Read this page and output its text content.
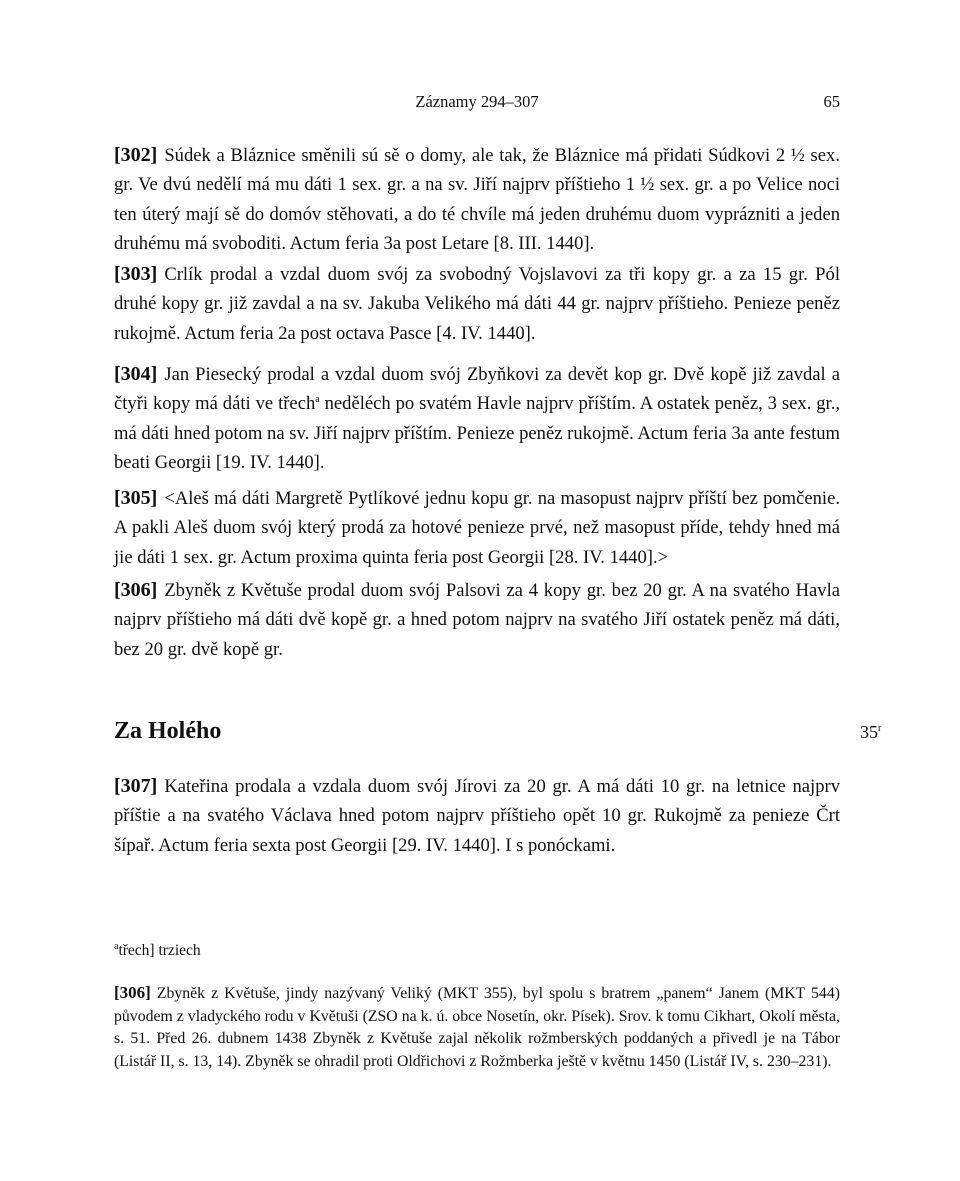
Záznamy 294–307	65

[302] Súdek a Bláznice směnili sú sě o domy, ale tak, že Bláznice má přidati Súdkovi 2 ½ sex. gr. Ve dvú nedělí má mu dáti 1 sex. gr. a na sv. Jiří najprv příštieho 1 ½ sex. gr. a po Velice noci ten úterý mají sě do domóv stěhovati, a do té chvíle má jeden druhému duom vyprázniti a jeden druhému má svoboditi. Actum feria 3a post Letare [8. III. 1440].

[303] Crlík prodal a vzdal duom svój za svobodný Vojslavovi za tři kopy gr. a za 15 gr. Pól druhé kopy gr. již zavdal a na sv. Jakuba Velikého má dáti 44 gr. najprv příštieho. Penieze peněz rukojmě. Actum feria 2a post octava Pasce [4. IV. 1440].

[304] Jan Piesecký prodal a vzdal duom svój Zbyňkovi za devět kop gr. Dvě kopě již zavdal a čtyři kopy má dáti ve třech$^a$ neděléch po svatém Havle najprv příštím. A ostatek peněz, 3 sex. gr., má dáti hned potom na sv. Jiří najprv příštím. Penieze peněz rukojmě. Actum feria 3a ante festum beati Georgii [19. IV. 1440].

[305] <Aleš má dáti Margretě Pytlíkové jednu kopu gr. na masopust najprv příští bez pomčenie. A pakli Aleš duom svój který prodá za hotové penieze prvé, než masopust příde, tehdy hned má jie dáti 1 sex. gr. Actum proxima quinta feria post Georgii [28. IV. 1440].>

[306] Zbyněk z Květuše prodal duom svój Palsovi za 4 kopy gr. bez 20 gr. A na svatého Havla najprv příštieho má dáti dvě kopě gr. a hned potom najprv na svatého Jiří ostatek peněz má dáti, bez 20 gr. dvě kopě gr.

Za Holého	35$^r$

[307] Kateřina prodala a vzdala duom svój Jírovi za 20 gr. A má dáti 10 gr. na letnice najprv příštie a na svatého Václava hned potom najprv příštieho opět 10 gr. Rukojmě za penieze Črt šípař. Actum feria sexta post Georgii [29. IV. 1440]. I s ponóckami.

$^a$třech] trziech

[306] Zbyněk z Květuše, jindy nazývaný Veliký (MKT 355), byl spolu s bratrem „panem“ Janem (MKT 544) původem z vladyckého rodu v Květuši (ZSO na k. ú. obce Nosetín, okr. Písek). Srov. k tomu Cikhart, Okolí města, s. 51. Před 26. dubnem 1438 Zbyněk z Květuše zajal několik rožmberských poddaných a přivedl je na Tábor (Listář II, s. 13, 14). Zbyněk se ohradil proti Oldřichovi z Rožmberka ještě v květnu 1450 (Listář IV, s. 230–231).
